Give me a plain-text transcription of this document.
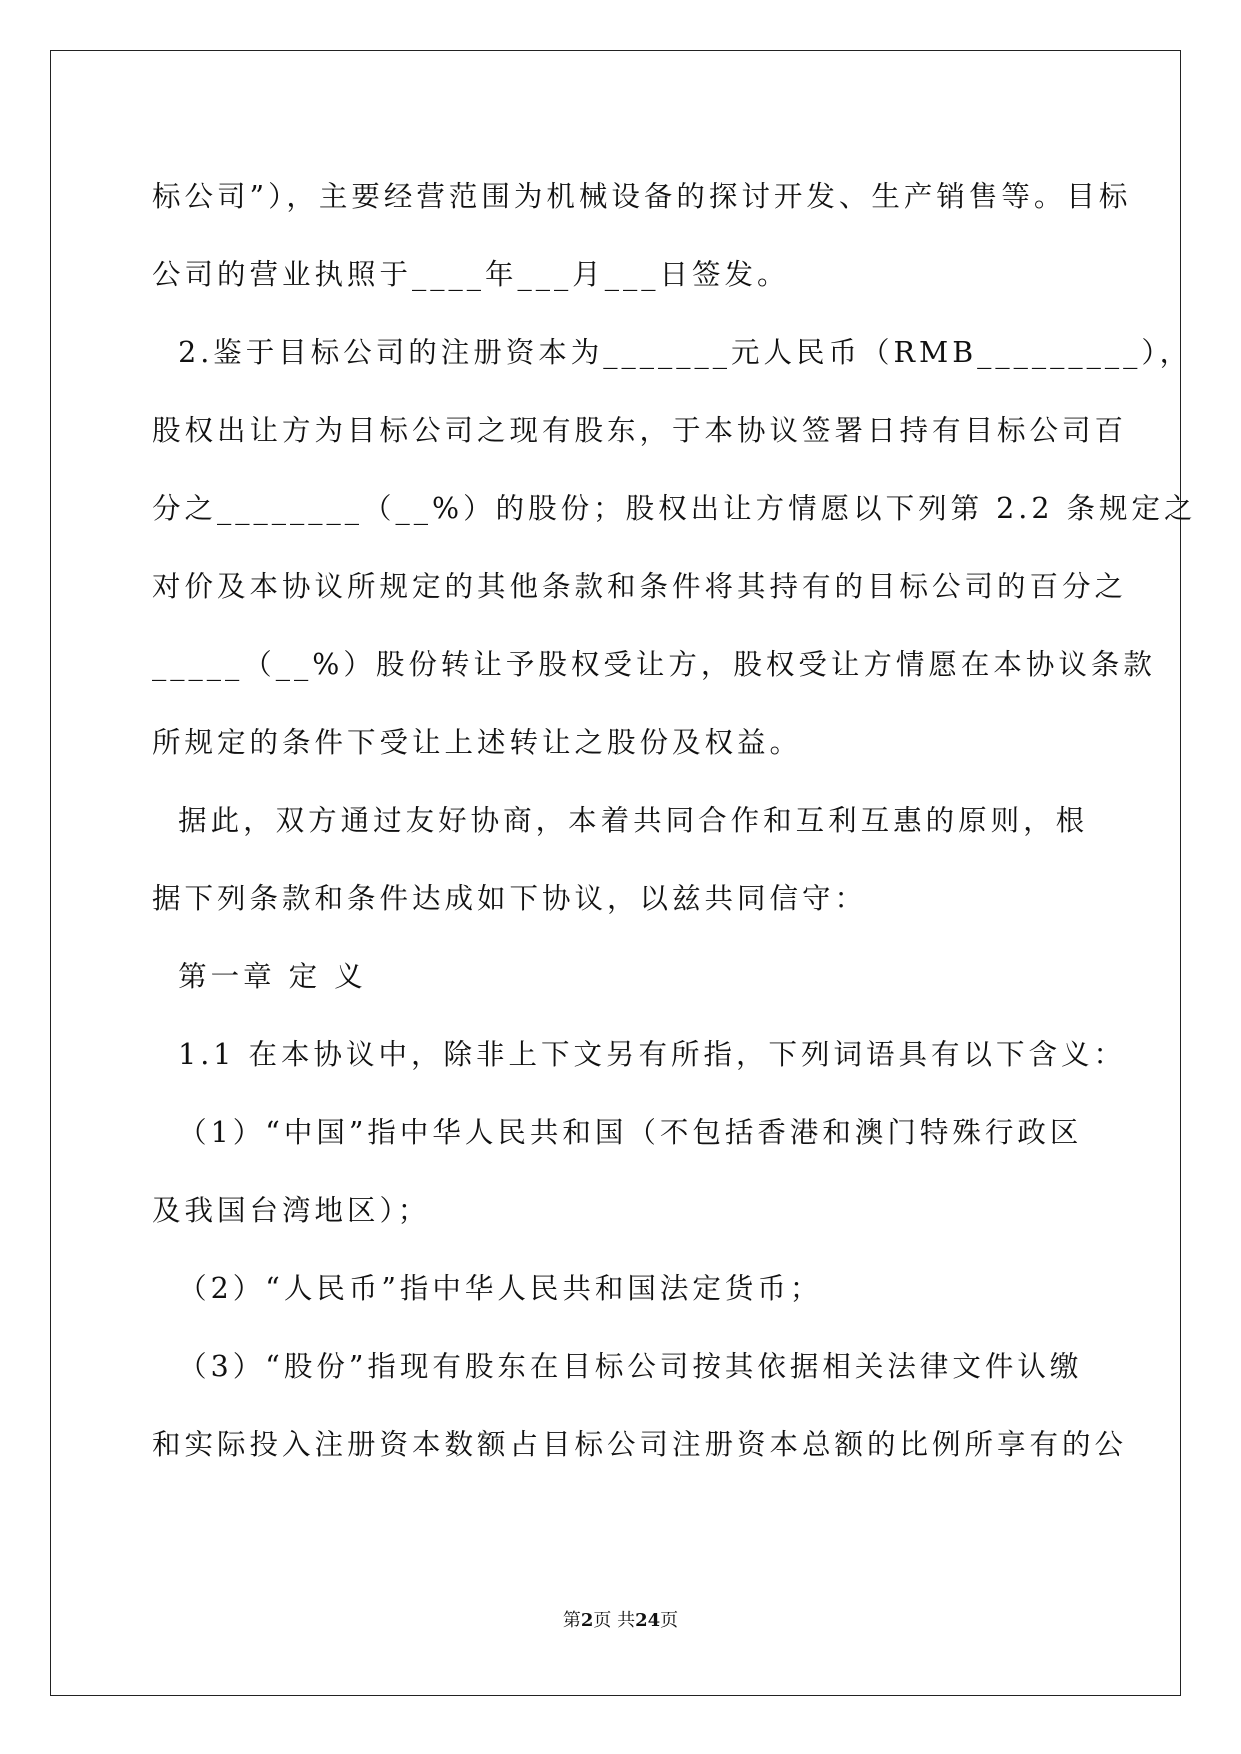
标公司”），主要经营范围为机械设备的探讨开发、生产销售等。目标
公司的营业执照于____年___月___日签发。
2.鉴于目标公司的注册资本为_______元人民币（RMB_________），
股权出让方为目标公司之现有股东，于本协议签署日持有目标公司百
分之________（__%）的股份；股权出让方情愿以下列第 2.2 条规定之
对价及本协议所规定的其他条款和条件将其持有的目标公司的百分之
_____（__%）股份转让予股权受让方，股权受让方情愿在本协议条款
所规定的条件下受让上述转让之股份及权益。
据此，双方通过友好协商，本着共同合作和互利互惠的原则，根
据下列条款和条件达成如下协议，以兹共同信守：
第一章 定 义
1.1 在本协议中，除非上下文另有所指，下列词语具有以下含义：
（1）“中国”指中华人民共和国（不包括香港和澳门特殊行政区
及我国台湾地区）；
（2）“人民币”指中华人民共和国法定货币；
（3）“股份”指现有股东在目标公司按其依据相关法律文件认缴
和实际投入注册资本数额占目标公司注册资本总额的比例所享有的公
第2页 共24页
